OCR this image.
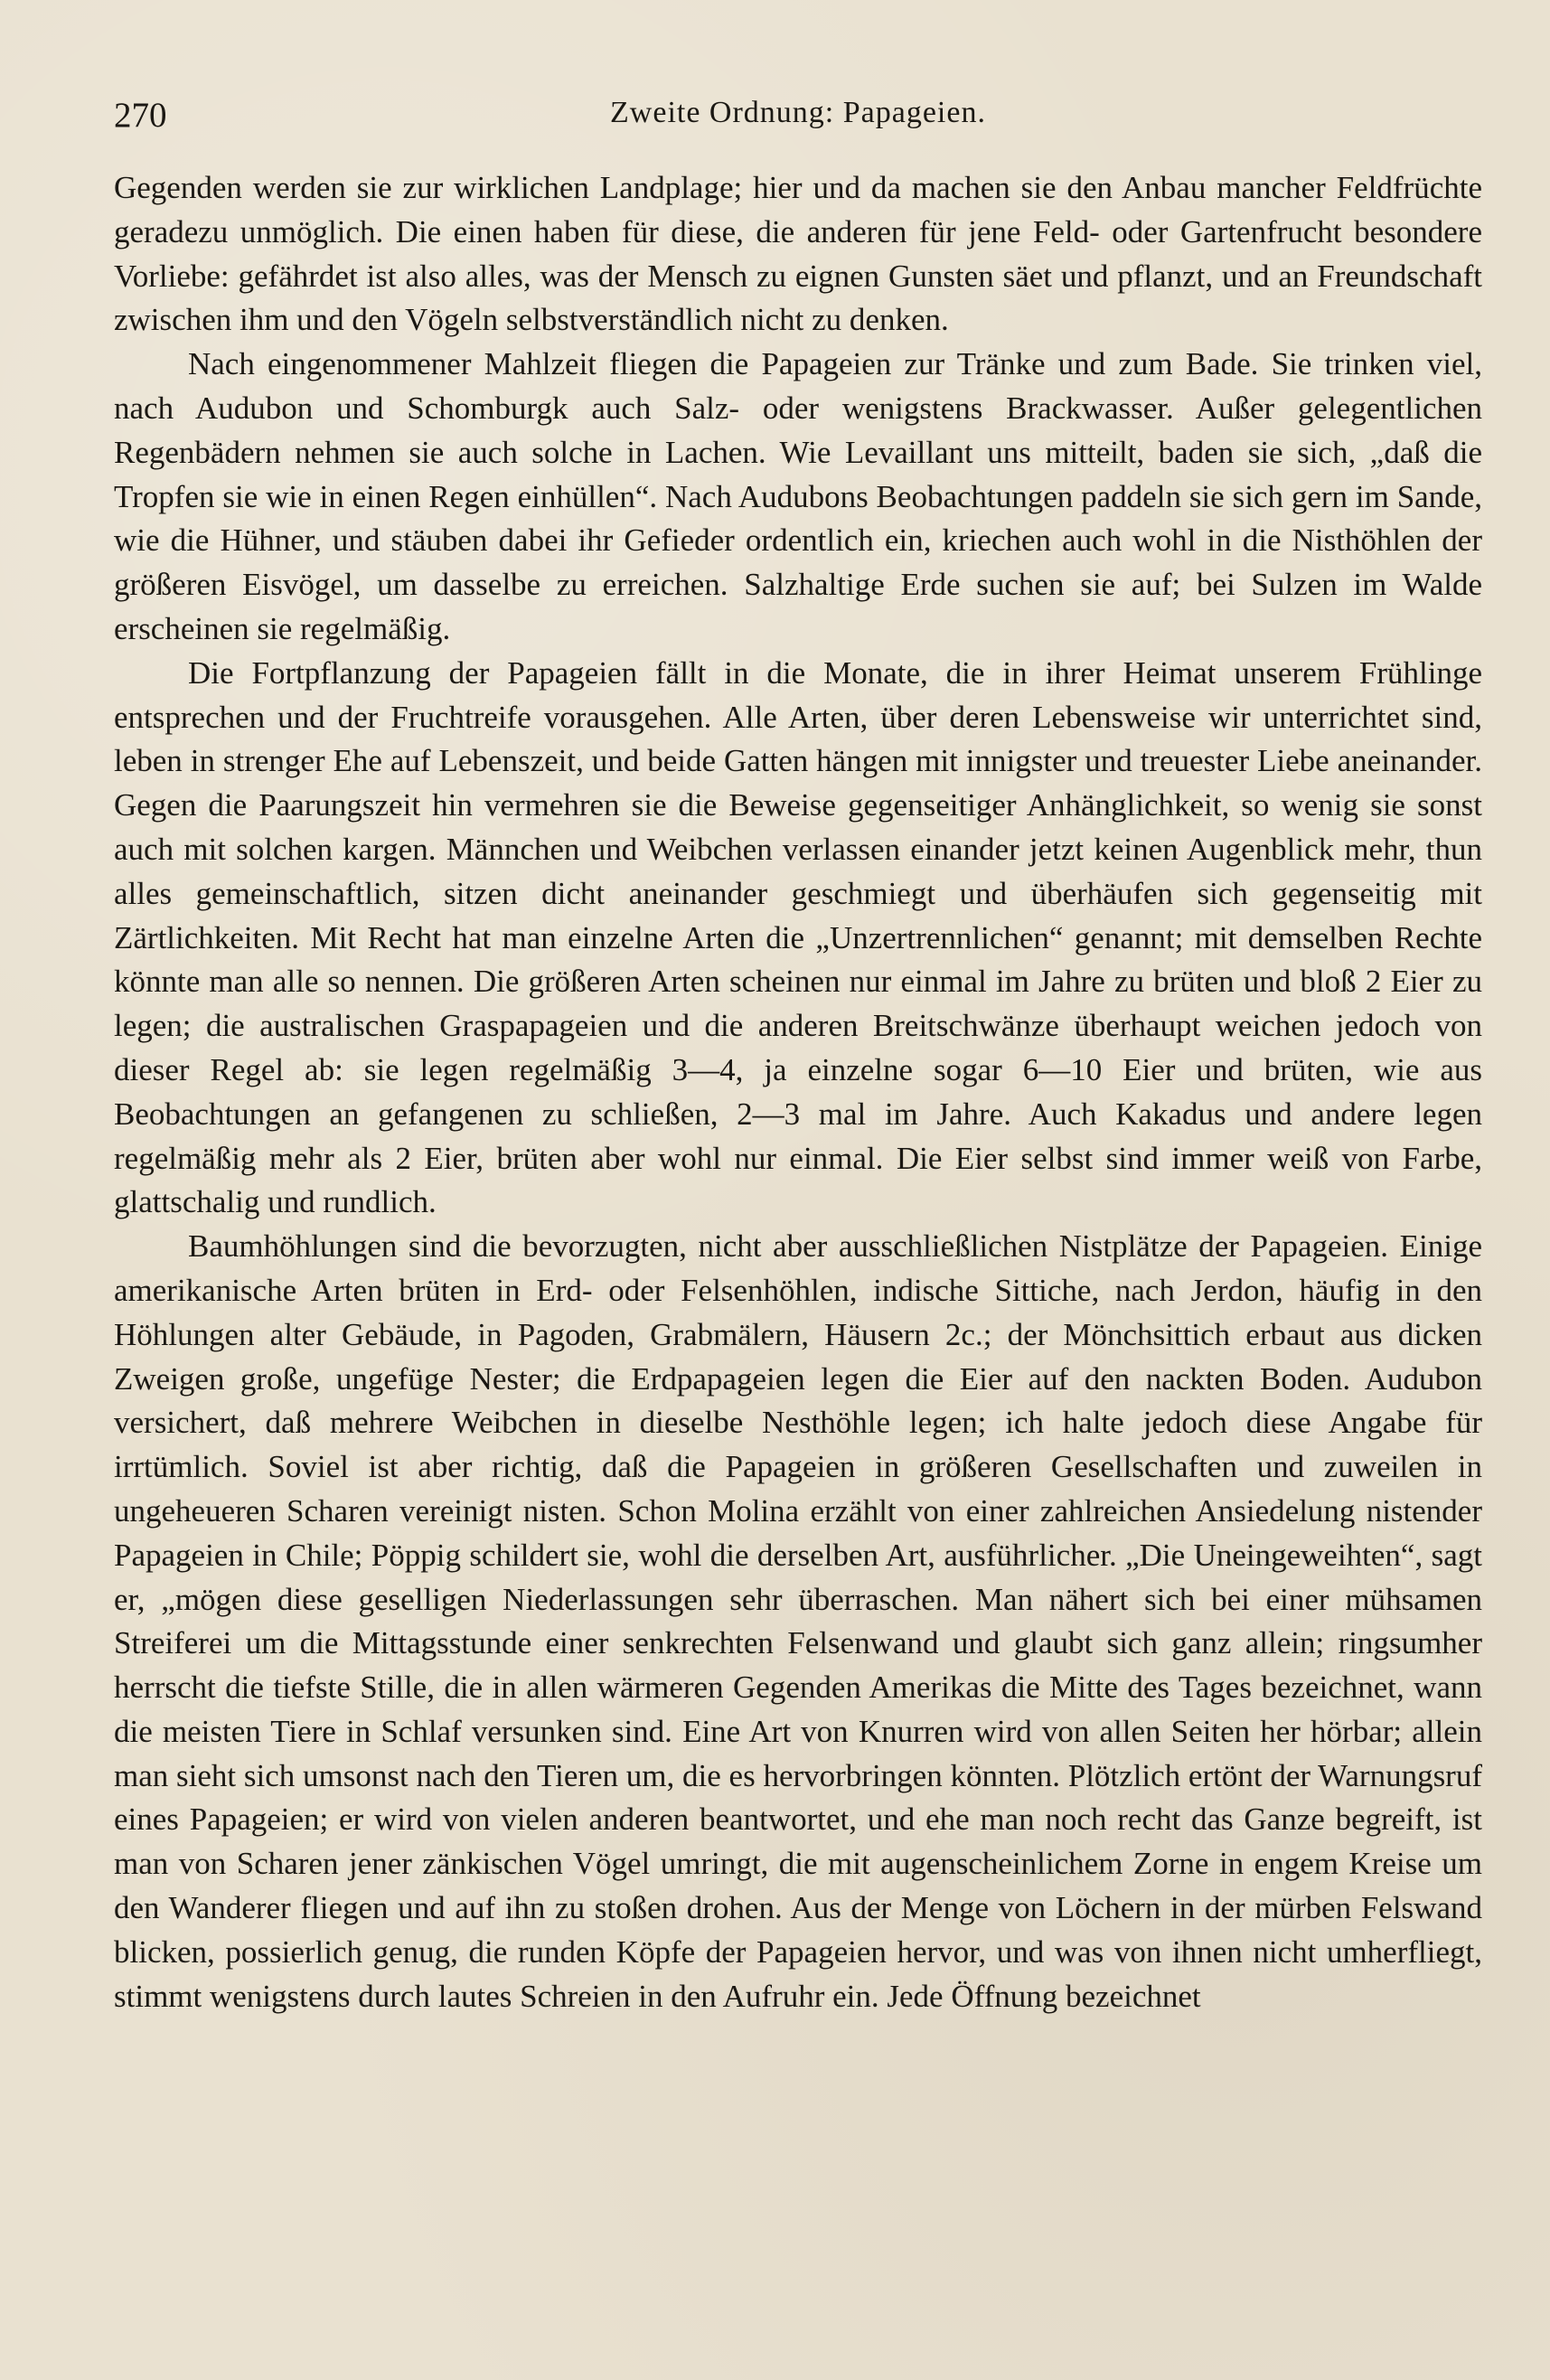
270	Zweite Ordnung: Papageien.

Gegenden werden sie zur wirklichen Landplage; hier und da machen sie den Anbau mancher Feldfrüchte geradezu unmöglich. Die einen haben für diese, die anderen für jene Feld- oder Gartenfrucht besondere Vorliebe: gefährdet ist also alles, was der Mensch zu eignen Gunsten säet und pflanzt, und an Freundschaft zwischen ihm und den Vögeln selbstverständlich nicht zu denken.

Nach eingenommener Mahlzeit fliegen die Papageien zur Tränke und zum Bade. Sie trinken viel, nach Audubon und Schomburgk auch Salz- oder wenigstens Brackwasser. Außer gelegentlichen Regenbädern nehmen sie auch solche in Lachen. Wie Levaillant uns mitteilt, baden sie sich, „daß die Tropfen sie wie in einen Regen einhüllen“. Nach Audubons Beobachtungen paddeln sie sich gern im Sande, wie die Hühner, und stäuben dabei ihr Gefieder ordentlich ein, kriechen auch wohl in die Nisthöhlen der größeren Eisvögel, um dasselbe zu erreichen. Salzhaltige Erde suchen sie auf; bei Sulzen im Walde erscheinen sie regelmäßig.

Die Fortpflanzung der Papageien fällt in die Monate, die in ihrer Heimat unserem Frühlinge entsprechen und der Fruchtreife vorausgehen. Alle Arten, über deren Lebensweise wir unterrichtet sind, leben in strenger Ehe auf Lebenszeit, und beide Gatten hängen mit innigster und treuester Liebe aneinander. Gegen die Paarungszeit hin vermehren sie die Beweise gegenseitiger Anhänglichkeit, so wenig sie sonst auch mit solchen kargen. Männchen und Weibchen verlassen einander jetzt keinen Augenblick mehr, thun alles gemeinschaftlich, sitzen dicht aneinander geschmiegt und überhäufen sich gegenseitig mit Zärtlichkeiten. Mit Recht hat man einzelne Arten die „Unzertrennlichen“ genannt; mit demselben Rechte könnte man alle so nennen. Die größeren Arten scheinen nur einmal im Jahre zu brüten und bloß 2 Eier zu legen; die australischen Graspapageien und die anderen Breitschwänze überhaupt weichen jedoch von dieser Regel ab: sie legen regelmäßig 3—4, ja einzelne sogar 6—10 Eier und brüten, wie aus Beobachtungen an gefangenen zu schließen, 2—3 mal im Jahre. Auch Kakadus und andere legen regelmäßig mehr als 2 Eier, brüten aber wohl nur einmal. Die Eier selbst sind immer weiß von Farbe, glattschalig und rundlich.

Baumhöhlungen sind die bevorzugten, nicht aber ausschließlichen Nistplätze der Papageien. Einige amerikanische Arten brüten in Erd- oder Felsenhöhlen, indische Sittiche, nach Jerdon, häufig in den Höhlungen alter Gebäude, in Pagoden, Grabmälern, Häusern 2c.; der Mönchsittich erbaut aus dicken Zweigen große, ungefüge Nester; die Erdpapageien legen die Eier auf den nackten Boden. Audubon versichert, daß mehrere Weibchen in dieselbe Nesthöhle legen; ich halte jedoch diese Angabe für irrtümlich. Soviel ist aber richtig, daß die Papageien in größeren Gesellschaften und zuweilen in ungeheueren Scharen vereinigt nisten. Schon Molina erzählt von einer zahlreichen Ansiedelung nistender Papageien in Chile; Pöppig schildert sie, wohl die derselben Art, ausführlicher. „Die Uneingeweihten“, sagt er, „mögen diese geselligen Niederlassungen sehr überraschen. Man nähert sich bei einer mühsamen Streiferei um die Mittagsstunde einer senkrechten Felsenwand und glaubt sich ganz allein; ringsumher herrscht die tiefste Stille, die in allen wärmeren Gegenden Amerikas die Mitte des Tages bezeichnet, wann die meisten Tiere in Schlaf versunken sind. Eine Art von Knurren wird von allen Seiten her hörbar; allein man sieht sich umsonst nach den Tieren um, die es hervorbringen könnten. Plötzlich ertönt der Warnungsruf eines Papageien; er wird von vielen anderen beantwortet, und ehe man noch recht das Ganze begreift, ist man von Scharen jener zänkischen Vögel umringt, die mit augenscheinlichem Zorne in engem Kreise um den Wanderer fliegen und auf ihn zu stoßen drohen. Aus der Menge von Löchern in der mürben Felswand blicken, possierlich genug, die runden Köpfe der Papageien hervor, und was von ihnen nicht umherfliegt, stimmt wenigstens durch lautes Schreien in den Aufruhr ein. Jede Öffnung bezeichnet
